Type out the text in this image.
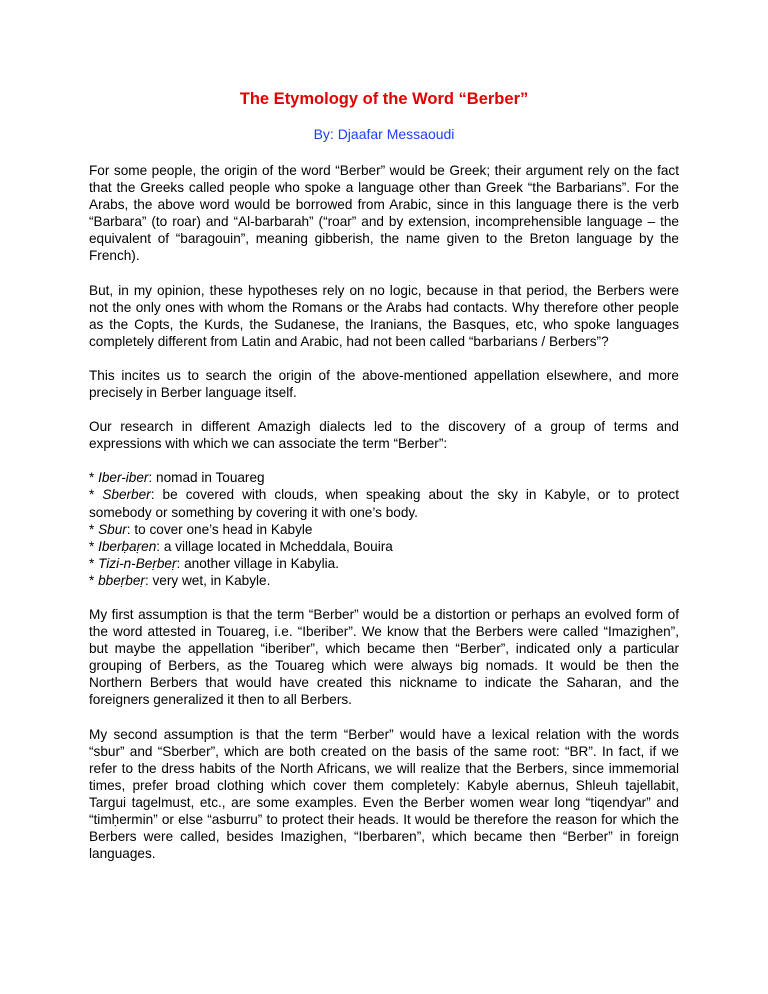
The Etymology of the Word “Berber”
By: Djaafar Messaoudi

For some people, the origin of the word “Berber” would be Greek; their argument rely on the fact that the Greeks called people who spoke a language other than Greek “the Barbarians”. For the Arabs, the above word would be borrowed from Arabic, since in this language there is the verb “Barbara” (to roar) and “Al-barbarah” (“roar” and by extension, incomprehensible language – the equivalent of “baragouin”, meaning gibberish, the name given to the Breton language by the French).

But, in my opinion, these hypotheses rely on no logic, because in that period, the Berbers were not the only ones with whom the Romans or the Arabs had contacts. Why therefore other people as the Copts, the Kurds, the Sudanese, the Iranians, the Basques, etc, who spoke languages completely different from Latin and Arabic, had not been called “barbarians / Berbers”?

This incites us to search the origin of the above-mentioned appellation elsewhere, and more precisely in Berber language itself.

Our research in different Amazigh dialects led to the discovery of a group of terms and expressions with which we can associate the term “Berber”:

* Iber-iber: nomad in Touareg
* Sberber: be covered with clouds, when speaking about the sky in Kabyle, or to protect somebody or something by covering it with one’s body.
* Sbur: to cover one’s head in Kabyle
* Iberḅaṛen: a village located in Mcheddala, Bouira
* Tizi-n-Beṛbeṛ: another village in Kabylia.
* bbeṛbeṛ: very wet, in Kabyle.

My first assumption is that the term “Berber” would be a distortion or perhaps an evolved form of the word attested in Touareg, i.e. “Iberiber”. We know that the Berbers were called “Imazighen”, but maybe the appellation “iberiber”, which became then “Berber”, indicated only a particular grouping of Berbers, as the Touareg which were always big nomads. It would be then the Northern Berbers that would have created this nickname to indicate the Saharan, and the foreigners generalized it then to all Berbers.

My second assumption is that the term “Berber” would have a lexical relation with the words “sbur” and “Sberber”, which are both created on the basis of the same root: “BR”. In fact, if we refer to the dress habits of the North Africans, we will realize that the Berbers, since immemorial times, prefer broad clothing which cover them completely: Kabyle abernus, Shleuh tajellabit, Targui tagelmust, etc., are some examples. Even the Berber women wear long “tiqendyar” and “timḥermin” or else “asburru” to protect their heads. It would be therefore the reason for which the Berbers were called, besides Imazighen, “Iberbaren”, which became then “Berber” in foreign languages.
